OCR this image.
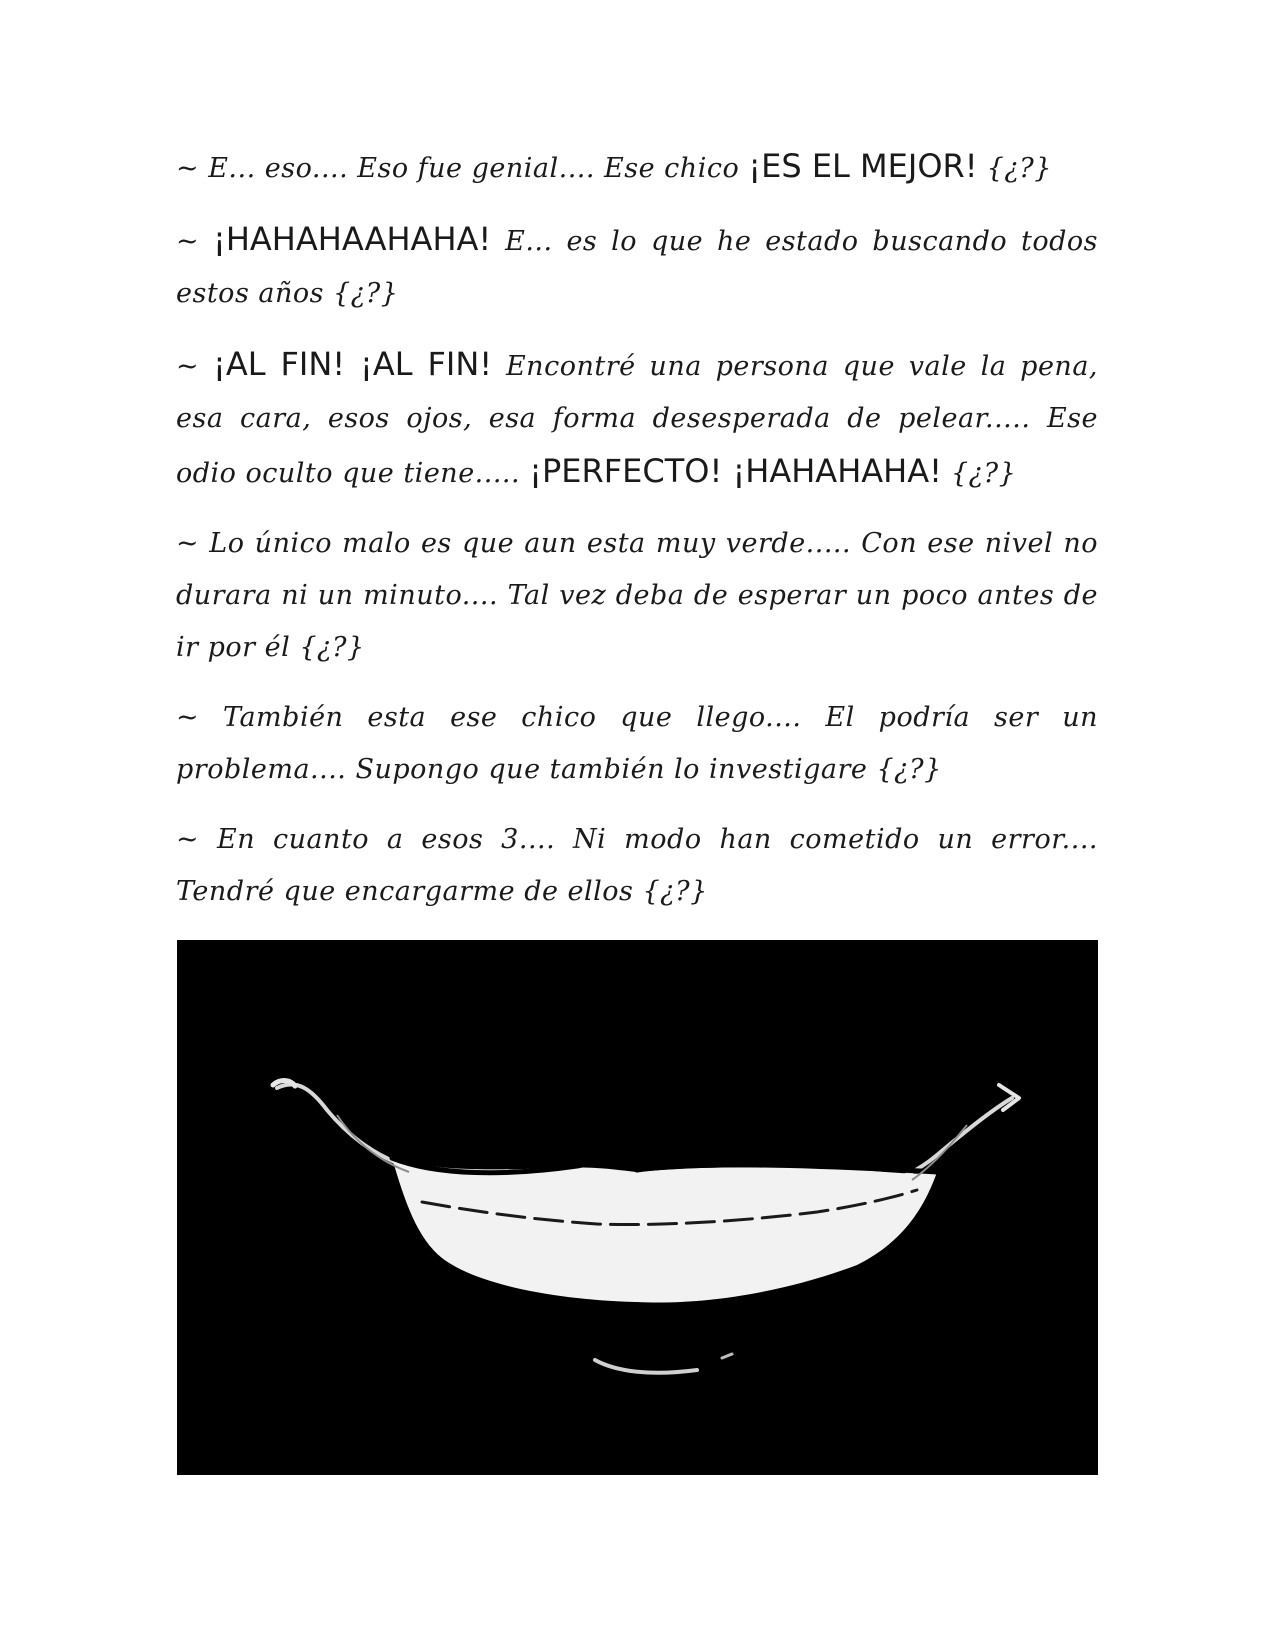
~ E... eso.... Eso fue genial.... Ese chico ¡ES EL MEJOR! {¿?}

~ ¡HAHAHAAHAHA! E... es lo que he estado buscando todos estos años {¿?}

~ ¡AL FIN! ¡AL FIN! Encontré una persona que vale la pena, esa cara, esos ojos, esa forma desesperada de pelear..... Ese odio oculto que tiene..... ¡PERFECTO! ¡HAHAHAHA! {¿?}

~ Lo único malo es que aun esta muy verde..... Con ese nivel no durara ni un minuto.... Tal vez deba de esperar un poco antes de ir por él {¿?}

~ También esta ese chico que llego.... El podría ser un problema.... Supongo que también lo investigare {¿?}

~ En cuanto a esos 3.... Ni modo han cometido un error.... Tendré que encargarme de ellos {¿?}
